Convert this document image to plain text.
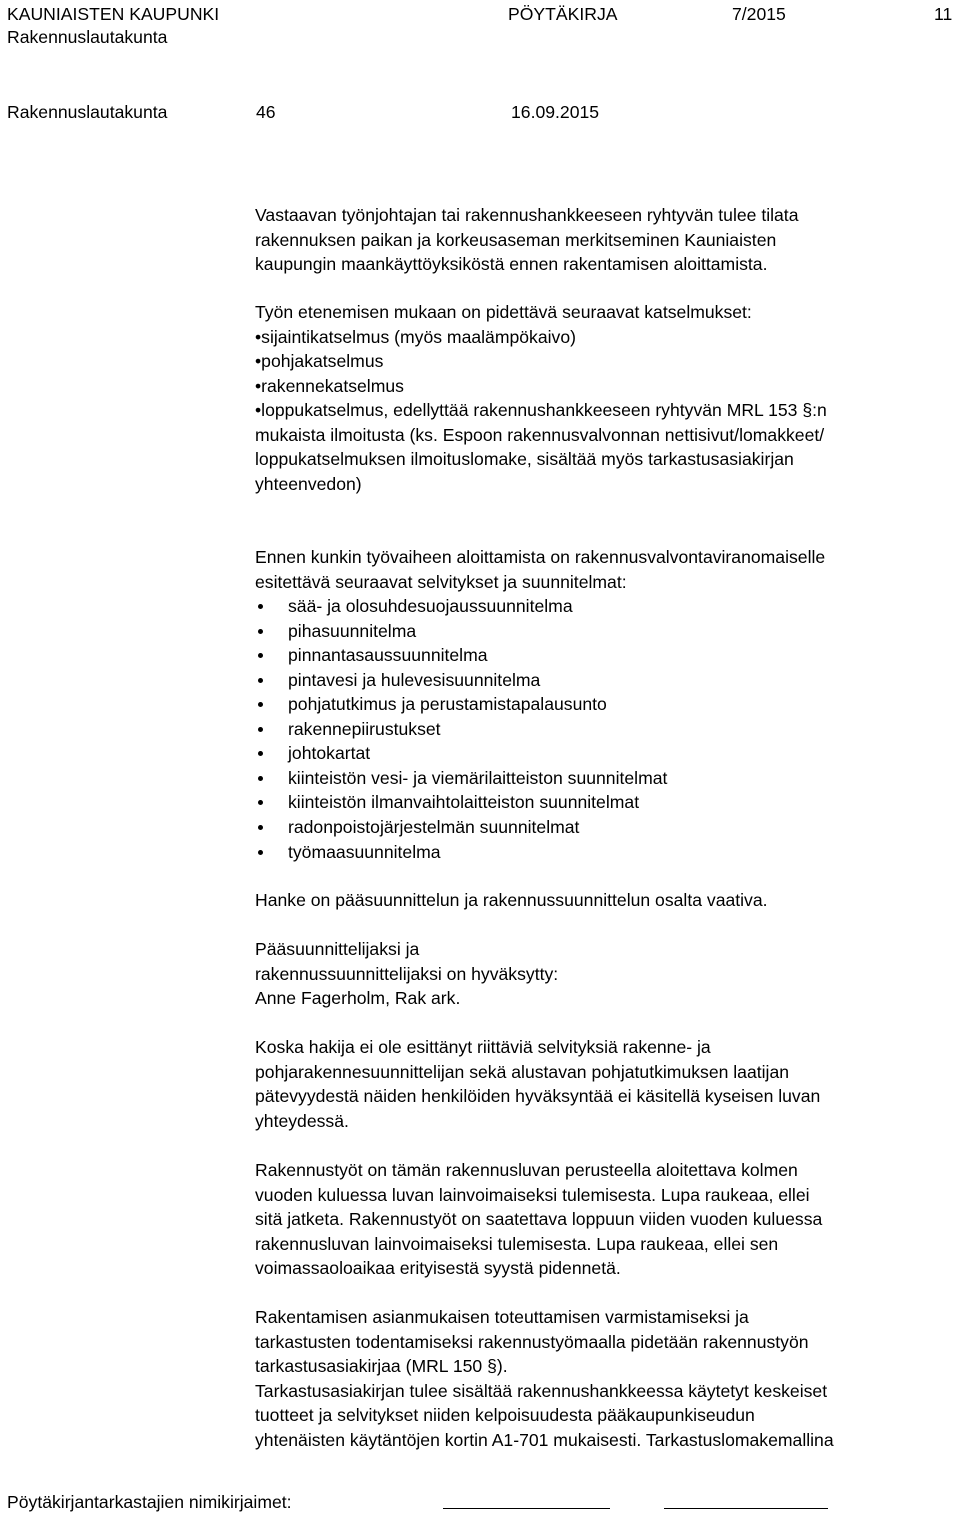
KAUNIAISTEN KAUPUNKI	PÖYTÄKIRJA	7/2015	11
Rakennuslautakunta
Rakennuslautakunta	46	16.09.2015

Vastaavan työnjohtajan tai rakennushankkeeseen ryhtyvän tulee tilata

rakennuksen paikan ja korkeusaseman merkitseminen Kauniaisten

kaupungin maankäyttöyksiköstä ennen rakentamisen aloittamista.

Työn etenemisen mukaan on pidettävä seuraavat katselmukset:

•sijaintikatselmus (myös maalämpökaivo)

•pohjakatselmus

•rakennekatselmus

•loppukatselmus, edellyttää rakennushankkeeseen ryhtyvän MRL 153 §:n

mukaista ilmoitusta (ks. Espoon rakennusvalvonnan nettisivut/lomakkeet/

loppukatselmuksen ilmoituslomake, sisältää myös tarkastusasiakirjan

yhteenvedon)

Ennen kunkin työvaiheen aloittamista on rakennusvalvontaviranomaiselle

esitettävä seuraavat selvitykset ja suunnitelmat:

sää- ja olosuhdesuojaussuunnitelma
pihasuunnitelma
pinnantasaussuunnitelma
pintavesi ja hulevesisuunnitelma
pohjatutkimus ja perustamistapalausunto
rakennepiirustukset
johtokartat
kiinteistön vesi- ja viemärilaitteiston suunnitelmat
kiinteistön ilmanvaihtolaitteiston suunnitelmat
radonpoistojärjestelmän suunnitelmat
työmaasuunnitelma

Hanke on pääsuunnittelun ja rakennussuunnittelun osalta vaativa.

Pääsuunnittelijaksi ja

rakennussuunnittelijaksi on hyväksytty:

Anne Fagerholm, Rak ark.

Koska hakija ei ole esittänyt riittäviä selvityksiä rakenne- ja

pohjarakennesuunnittelijan sekä alustavan pohjatutkimuksen laatijan

pätevyydestä näiden henkilöiden hyväksyntää ei käsitellä kyseisen luvan

yhteydessä.

Rakennustyöt on tämän rakennusluvan perusteella aloitettava kolmen

vuoden kuluessa luvan lainvoimaiseksi tulemisesta. Lupa raukeaa, ellei

sitä jatketa. Rakennustyöt on saatettava loppuun viiden vuoden kuluessa

rakennusluvan lainvoimaiseksi tulemisesta. Lupa raukeaa, ellei sen

voimassaoloaikaa erityisestä syystä pidennetä.

Rakentamisen asianmukaisen toteuttamisen varmistamiseksi ja

tarkastusten todentamiseksi rakennustyömaalla pidetään rakennustyön

tarkastusasiakirjaa (MRL 150 §).

Tarkastusasiakirjan tulee sisältää rakennushankkeessa käytetyt keskeiset

tuotteet ja selvitykset niiden kelpoisuudesta pääkaupunkiseudun

yhtenäisten käytäntöjen kortin A1-701 mukaisesti. Tarkastuslomakemallina

Pöytäkirjantarkastajien nimikirjaimet:
